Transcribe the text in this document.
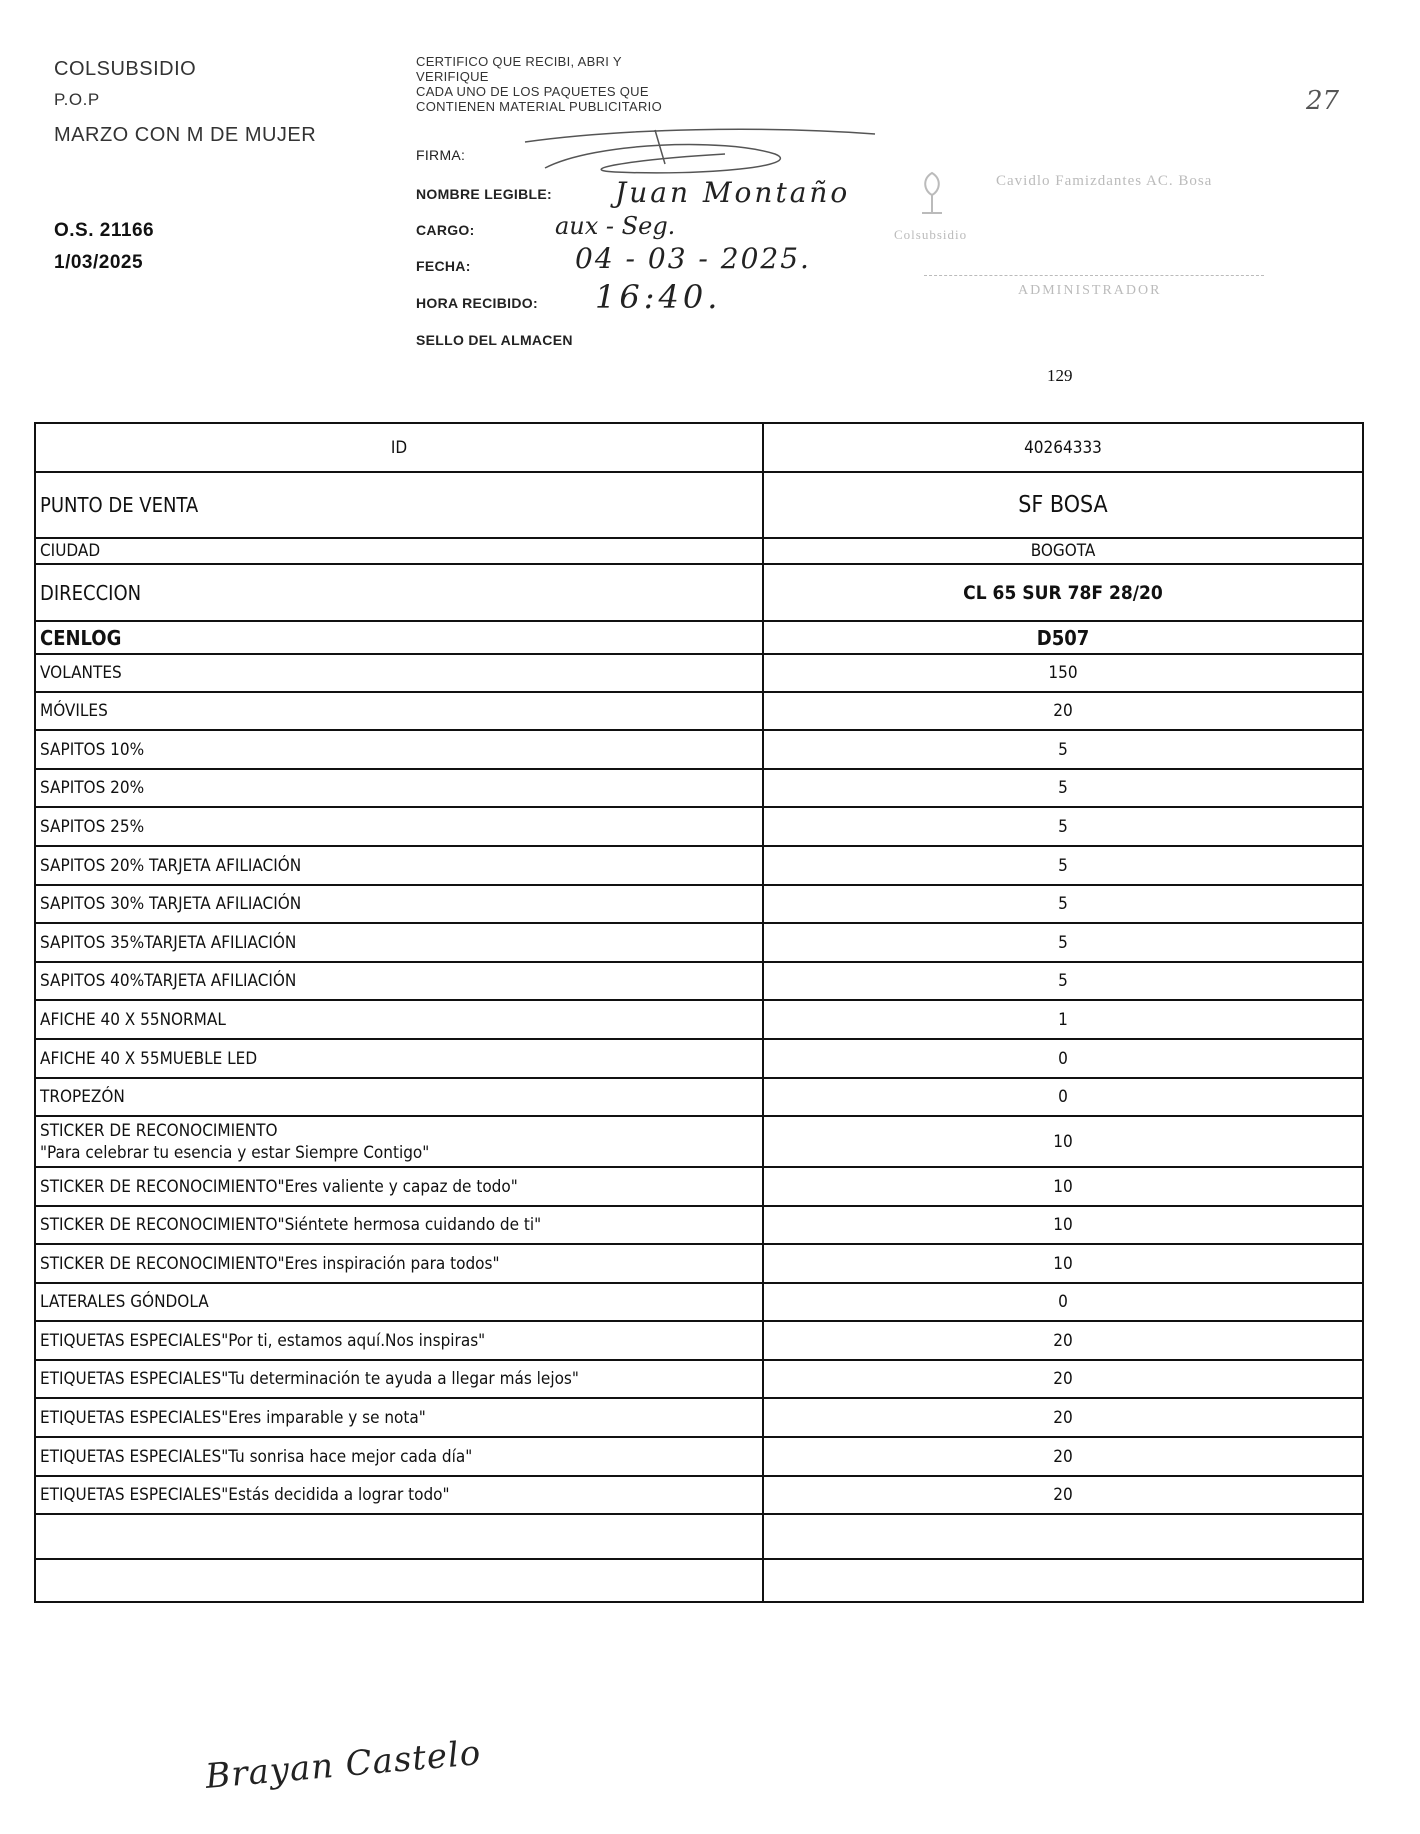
COLSUBSIDIO
P.O.P
MARZO CON M DE MUJER
O.S. 21166
1/03/2025
CERTIFICO QUE RECIBI, ABRI Y
VERIFIQUE
CADA UNO DE LOS PAQUETES QUE
CONTIENEN MATERIAL PUBLICITARIO
FIRMA:
NOMBRE LEGIBLE: Juan Montaño
CARGO:	aux - Seg.
FECHA:	04 - 03 - 2025.
HORA RECIBIDO: 16:40.
SELLO DEL ALMACEN
Cavidlo Famizdantes AC. Bosa
Colsubsidio
ADMINISTRADOR
27
129
ID	40264333
PUNTO DE VENTA	SF BOSA
CIUDAD	BOGOTA
DIRECCION	CL 65 SUR 78F 28/20
CENLOG	D507
VOLANTES	150
MÓVILES	20
SAPITOS 10%	5
SAPITOS 20%	5
SAPITOS 25%	5
SAPITOS 20% TARJETA AFILIACIÓN	5
SAPITOS 30% TARJETA AFILIACIÓN	5
SAPITOS 35%TARJETA AFILIACIÓN	5
SAPITOS 40%TARJETA AFILIACIÓN	5
AFICHE 40 X 55NORMAL	1
AFICHE 40 X 55MUEBLE LED	0
TROPEZÓN	0

STICKER DE RECONOCIMIENTO
"Para celebrar tu esencia y estar Siempre Contigo"	10
STICKER DE RECONOCIMIENTO"Eres valiente y capaz de todo"	10
STICKER DE RECONOCIMIENTO"Siéntete hermosa cuidando de ti"	10
STICKER DE RECONOCIMIENTO"Eres inspiración para todos"	10
LATERALES GÓNDOLA	0
ETIQUETAS ESPECIALES"Por ti, estamos aquí.Nos inspiras"	20
ETIQUETAS ESPECIALES"Tu determinación te ayuda a llegar más lejos"	20
ETIQUETAS ESPECIALES"Eres imparable y se nota"	20
ETIQUETAS ESPECIALES"Tu sonrisa hace mejor cada día"	20
ETIQUETAS ESPECIALES"Estás decidida a lograr todo"	20

Brayan Castelo
